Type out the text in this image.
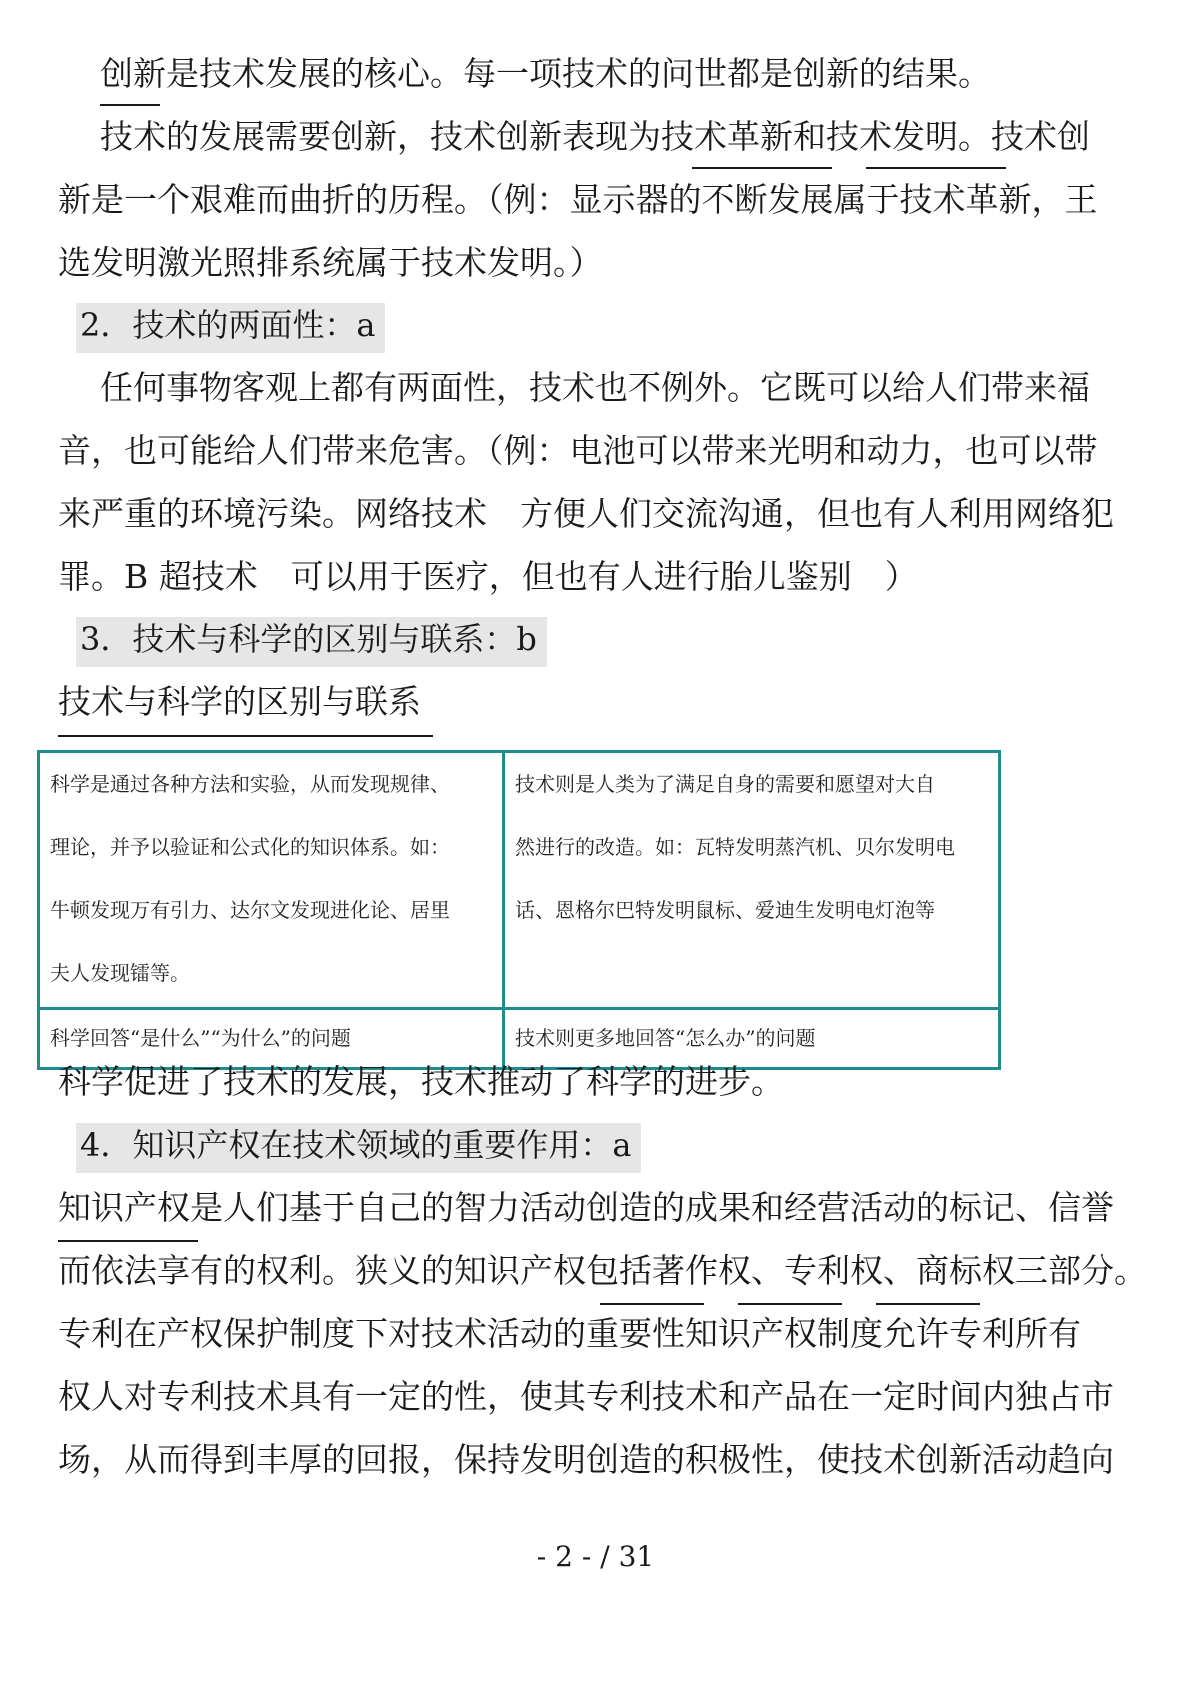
创新是技术发展的核心。每一项技术的问世都是创新的结果。

技术的发展需要创新，技术创新表现为技术革新和技术发明。技术创

新是一个艰难而曲折的历程。（例：显示器的不断发展属于技术革新，王

选发明激光照排系统属于技术发明。）

2．技术的两面性：a

任何事物客观上都有两面性，技术也不例外。它既可以给人们带来福

音，也可能给人们带来危害。（例：电池可以带来光明和动力，也可以带

来严重的环境污染。网络技术　方便人们交流沟通，但也有人利用网络犯

罪。B 超技术　可以用于医疗，但也有人进行胎儿鉴别　）

3．技术与科学的区别与联系：b

技术与科学的区别与联系

科学是通过各种方法和实验，从而发现规律、
理论，并予以验证和公式化的知识体系。如：
牛顿发现万有引力、达尔文发现进化论、居里
夫人发现镭等。
技术则是人类为了满足自身的需要和愿望对大自
然进行的改造。如：瓦特发明蒸汽机、贝尔发明电
话、恩格尔巴特发明鼠标、爱迪生发明电灯泡等
科学回答“是什么”“为什么”的问题	技术则更多地回答“怎么办”的问题

科学促进了技术的发展，技术推动了科学的进步。

4．知识产权在技术领域的重要作用：a

知识产权是人们基于自己的智力活动创造的成果和经营活动的标记、信誉

而依法享有的权利。狭义的知识产权包括著作权、专利权、商标权三部分。

专利在产权保护制度下对技术活动的重要性知识产权制度允许专利所有

权人对专利技术具有一定的性，使其专利技术和产品在一定时间内独占市

场，从而得到丰厚的回报，保持发明创造的积极性，使技术创新活动趋向

- 2 - / 31
